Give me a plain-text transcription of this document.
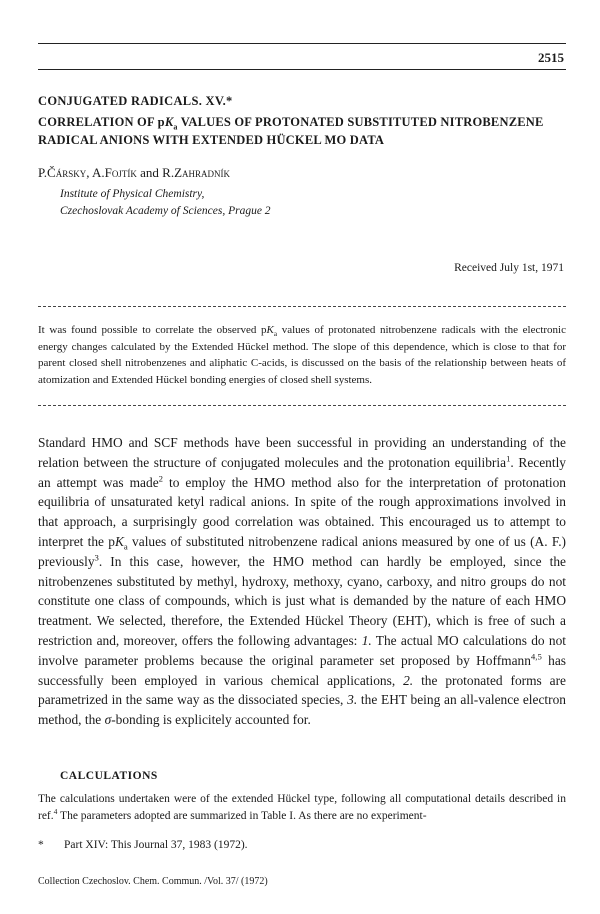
2515
CONJUGATED RADICALS. XV.*
CORRELATION OF $pK_a$ VALUES OF PROTONATED SUBSTITUTED NITROBENZENE RADICAL ANIONS WITH EXTENDED HÜCKEL MO DATA
P.Čársky, A.Fojtík and R.Zahradník
Institute of Physical Chemistry,
Czechoslovak Academy of Sciences, Prague 2
Received July 1st, 1971
It was found possible to correlate the observed $pK_a$ values of protonated nitrobenzene radicals with the electronic energy changes calculated by the Extended Hückel method. The slope of this dependence, which is close to that for parent closed shell nitrobenzenes and aliphatic C-acids, is discussed on the basis of the relationship between heats of atomization and Extended Hückel bonding energies of closed shell systems.
Standard HMO and SCF methods have been successful in providing an understanding of the relation between the structure of conjugated molecules and the protonation equilibria$^1$. Recently an attempt was made$^2$ to employ the HMO method also for the interpretation of protonation equilibria of unsaturated ketyl radical anions. In spite of the rough approximations involved in that approach, a surprisingly good correlation was obtained. This encouraged us to attempt to interpret the $pK_a$ values of substituted nitrobenzene radical anions measured by one of us (A. F.) previously$^3$. In this case, however, the HMO method can hardly be employed, since the nitrobenzenes substituted by methyl, hydroxy, methoxy, cyano, carboxy, and nitro groups do not constitute one class of compounds, which is just what is demanded by the nature of each HMO treatment. We selected, therefore, the Extended Hückel Theory (EHT), which is free of such a restriction and, moreover, offers the following advantages: 1. The actual MO calculations do not involve parameter problems because the original parameter set proposed by Hoffmann$^{4,5}$ has successfully been employed in various chemical applications, 2. the protonated forms are parametrized in the same way as the dissociated species, 3. the EHT being an all-valence electron method, the σ-bonding is explicitely accounted for.
CALCULATIONS
The calculations undertaken were of the extended Hückel type, following all computational details described in ref.$^4$ The parameters adopted are summarized in Table I. As there are no experiment-
* Part XIV: This Journal 37, 1983 (1972).
Collection Czechoslov. Chem. Commun. /Vol. 37/ (1972)
